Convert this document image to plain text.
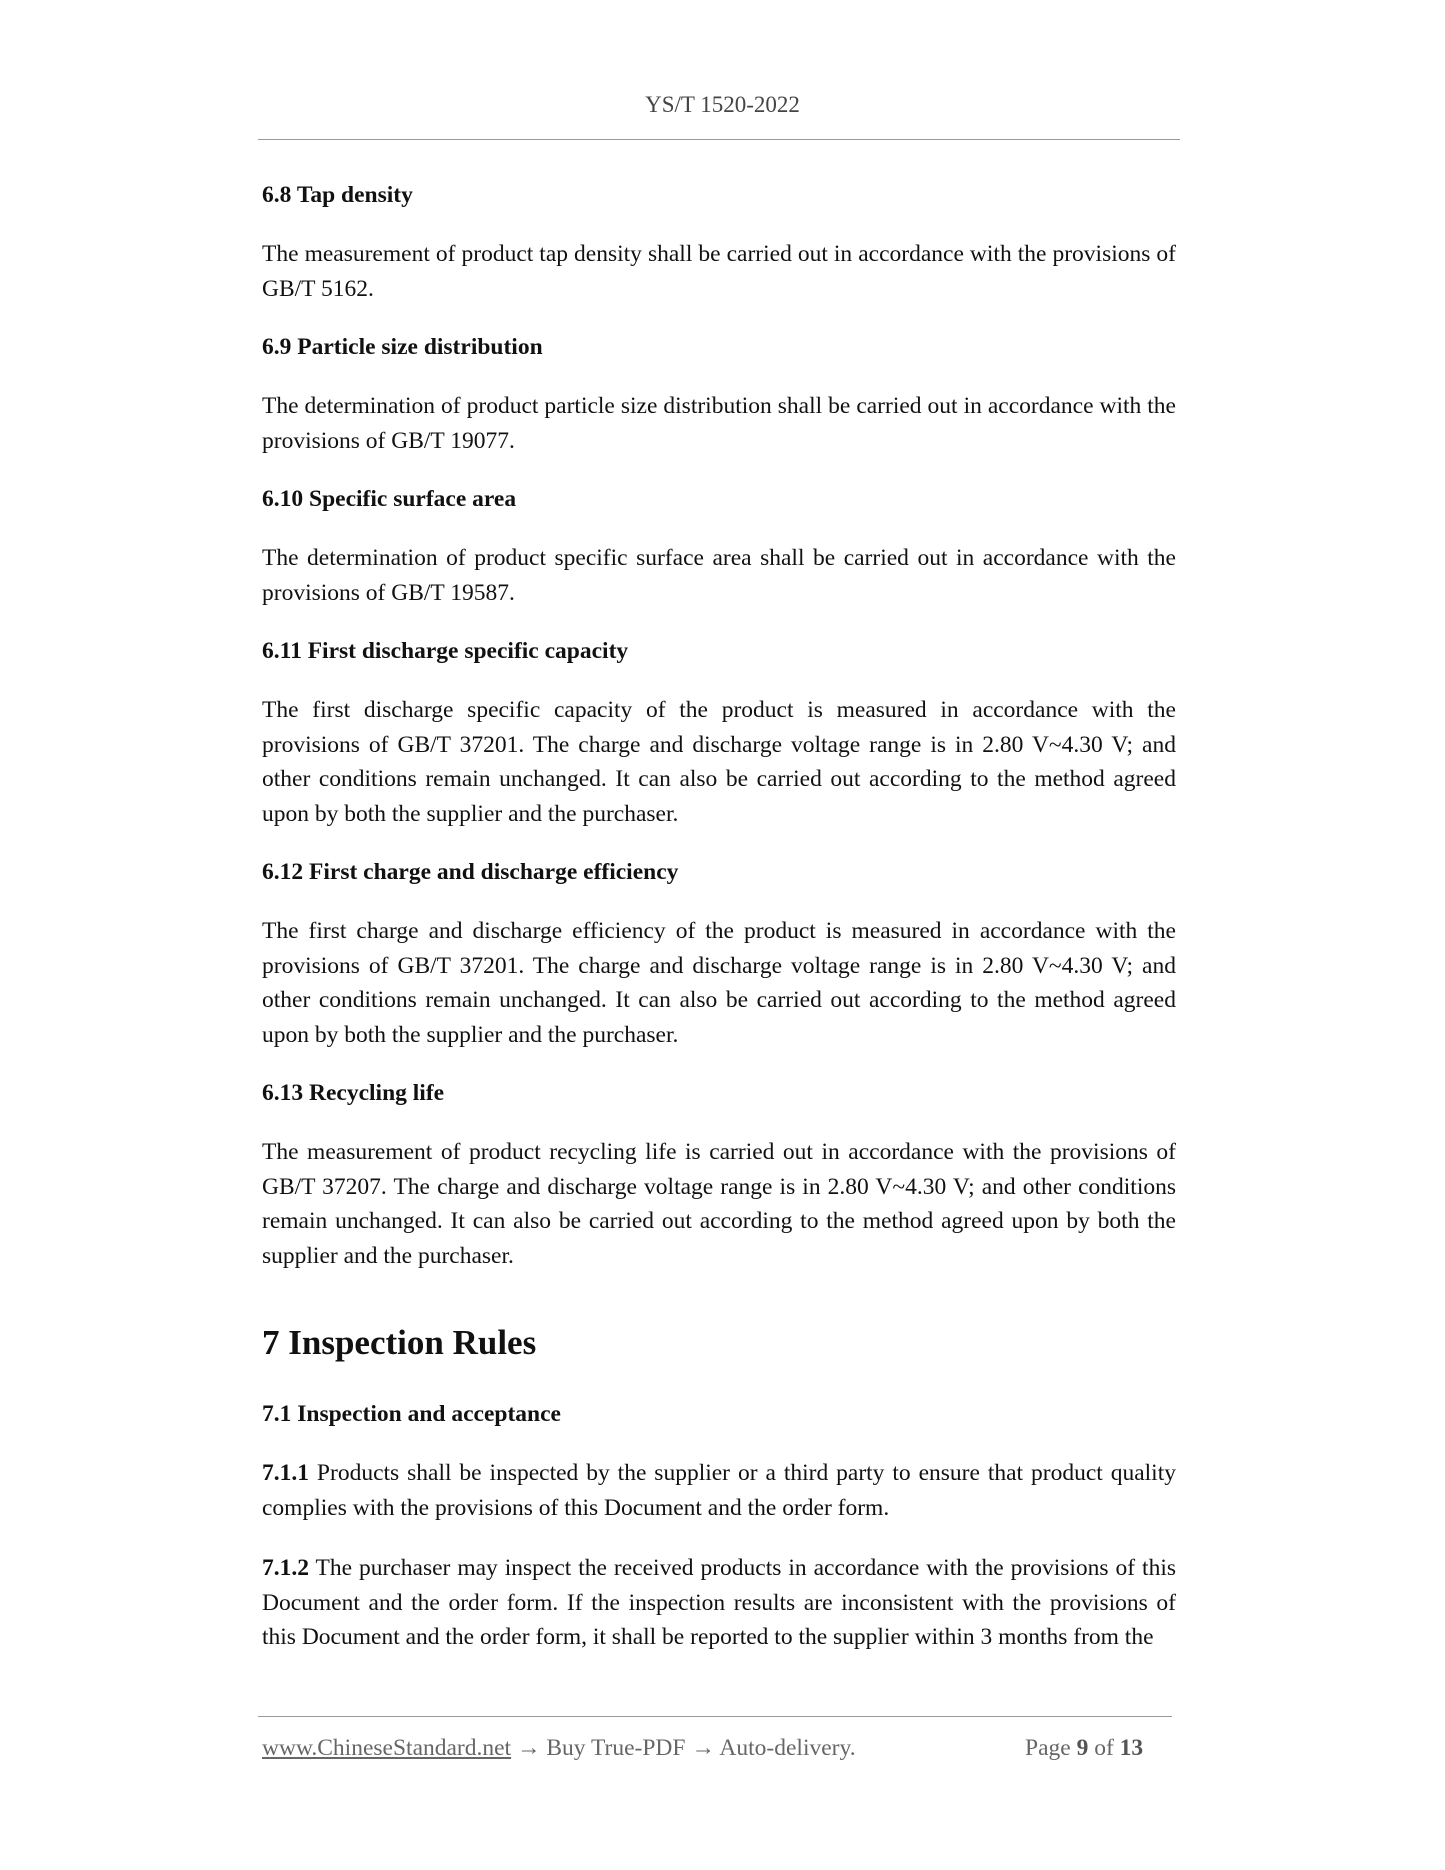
YS/T 1520-2022

6.8 Tap density

The measurement of product tap density shall be carried out in accordance with the provisions of GB/T 5162.

6.9 Particle size distribution

The determination of product particle size distribution shall be carried out in accordance with the provisions of GB/T 19077.

6.10 Specific surface area

The determination of product specific surface area shall be carried out in accordance with the provisions of GB/T 19587.

6.11 First discharge specific capacity

The first discharge specific capacity of the product is measured in accordance with the provisions of GB/T 37201. The charge and discharge voltage range is in 2.80 V~4.30 V; and other conditions remain unchanged. It can also be carried out according to the method agreed upon by both the supplier and the purchaser.

6.12 First charge and discharge efficiency

The first charge and discharge efficiency of the product is measured in accordance with the provisions of GB/T 37201. The charge and discharge voltage range is in 2.80 V~4.30 V; and other conditions remain unchanged. It can also be carried out according to the method agreed upon by both the supplier and the purchaser.

6.13 Recycling life

The measurement of product recycling life is carried out in accordance with the provisions of GB/T 37207. The charge and discharge voltage range is in 2.80 V~4.30 V; and other conditions remain unchanged. It can also be carried out according to the method agreed upon by both the supplier and the purchaser.

7 Inspection Rules

7.1 Inspection and acceptance

7.1.1 Products shall be inspected by the supplier or a third party to ensure that product quality complies with the provisions of this Document and the order form.

7.1.2 The purchaser may inspect the received products in accordance with the provisions of this Document and the order form. If the inspection results are inconsistent with the provisions of this Document and the order form, it shall be reported to the supplier within 3 months from the

www.ChineseStandard.net → Buy True-PDF → Auto-delivery.	Page 9 of 13
